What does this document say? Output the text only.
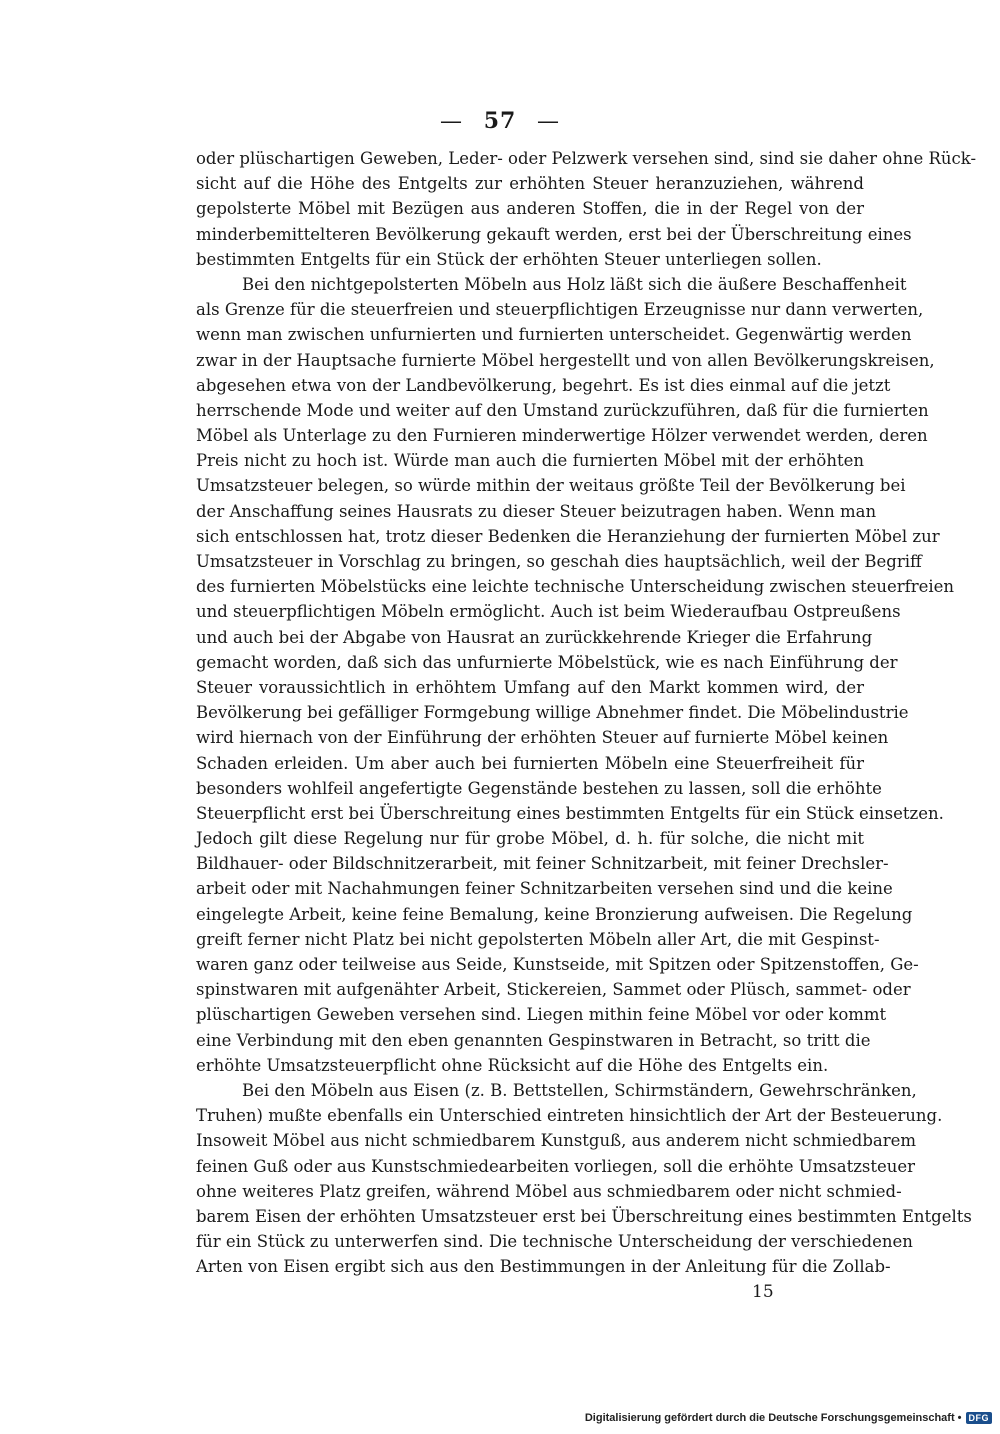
— 57 —
oder plüschartigen Geweben, Leder- oder Pelzwerk versehen sind, sind sie daher ohne Rück-
sicht auf die Höhe des Entgelts zur erhöhten Steuer heranzuziehen, während
gepolsterte Möbel mit Bezügen aus anderen Stoffen, die in der Regel von der
minderbemittelteren Bevölkerung gekauft werden, erst bei der Überschreitung eines
bestimmten Entgelts für ein Stück der erhöhten Steuer unterliegen sollen.
Bei den nichtgepolsterten Möbeln aus Holz läßt sich die äußere Beschaffenheit
als Grenze für die steuerfreien und steuerpflichtigen Erzeugnisse nur dann verwerten,
wenn man zwischen unfurnierten und furnierten unterscheidet. Gegenwärtig werden
zwar in der Hauptsache furnierte Möbel hergestellt und von allen Bevölkerungskreisen,
abgesehen etwa von der Landbevölkerung, begehrt. Es ist dies einmal auf die jetzt
herrschende Mode und weiter auf den Umstand zurückzuführen, daß für die furnierten
Möbel als Unterlage zu den Furnieren minderwertige Hölzer verwendet werden, deren
Preis nicht zu hoch ist. Würde man auch die furnierten Möbel mit der erhöhten
Umsatzsteuer belegen, so würde mithin der weitaus größte Teil der Bevölkerung bei
der Anschaffung seines Hausrats zu dieser Steuer beizutragen haben. Wenn man
sich entschlossen hat, trotz dieser Bedenken die Heranziehung der furnierten Möbel zur
Umsatzsteuer in Vorschlag zu bringen, so geschah dies hauptsächlich, weil der Begriff
des furnierten Möbelstücks eine leichte technische Unterscheidung zwischen steuerfreien
und steuerpflichtigen Möbeln ermöglicht. Auch ist beim Wiederaufbau Ostpreußens
und auch bei der Abgabe von Hausrat an zurückkehrende Krieger die Erfahrung
gemacht worden, daß sich das unfurnierte Möbelstück, wie es nach Einführung der
Steuer voraussichtlich in erhöhtem Umfang auf den Markt kommen wird, der
Bevölkerung bei gefälliger Formgebung willige Abnehmer findet. Die Möbelindustrie
wird hiernach von der Einführung der erhöhten Steuer auf furnierte Möbel keinen
Schaden erleiden. Um aber auch bei furnierten Möbeln eine Steuerfreiheit für
besonders wohlfeil angefertigte Gegenstände bestehen zu lassen, soll die erhöhte
Steuerpflicht erst bei Überschreitung eines bestimmten Entgelts für ein Stück einsetzen.
Jedoch gilt diese Regelung nur für grobe Möbel, d. h. für solche, die nicht mit
Bildhauer- oder Bildschnitzerarbeit, mit feiner Schnitzarbeit, mit feiner Drechsler-
arbeit oder mit Nachahmungen feiner Schnitzarbeiten versehen sind und die keine
eingelegte Arbeit, keine feine Bemalung, keine Bronzierung aufweisen. Die Regelung
greift ferner nicht Platz bei nicht gepolsterten Möbeln aller Art, die mit Gespinst-
waren ganz oder teilweise aus Seide, Kunstseide, mit Spitzen oder Spitzenstoffen, Ge-
spinstwaren mit aufgenähter Arbeit, Stickereien, Sammet oder Plüsch, sammet- oder
plüschartigen Geweben versehen sind. Liegen mithin feine Möbel vor oder kommt
eine Verbindung mit den eben genannten Gespinstwaren in Betracht, so tritt die
erhöhte Umsatzsteuerpflicht ohne Rücksicht auf die Höhe des Entgelts ein.
Bei den Möbeln aus Eisen (z. B. Bettstellen, Schirmständern, Gewehrschränken,
Truhen) mußte ebenfalls ein Unterschied eintreten hinsichtlich der Art der Besteuerung.
Insoweit Möbel aus nicht schmiedbarem Kunstguß, aus anderem nicht schmiedbarem
feinen Guß oder aus Kunstschmiedearbeiten vorliegen, soll die erhöhte Umsatzsteuer
ohne weiteres Platz greifen, während Möbel aus schmiedbarem oder nicht schmied-
barem Eisen der erhöhten Umsatzsteuer erst bei Überschreitung eines bestimmten Entgelts
für ein Stück zu unterwerfen sind. Die technische Unterscheidung der verschiedenen
Arten von Eisen ergibt sich aus den Bestimmungen in der Anleitung für die Zollab-
15
Digitalisierung gefördert durch die Deutsche Forschungsgemeinschaft • DFG
